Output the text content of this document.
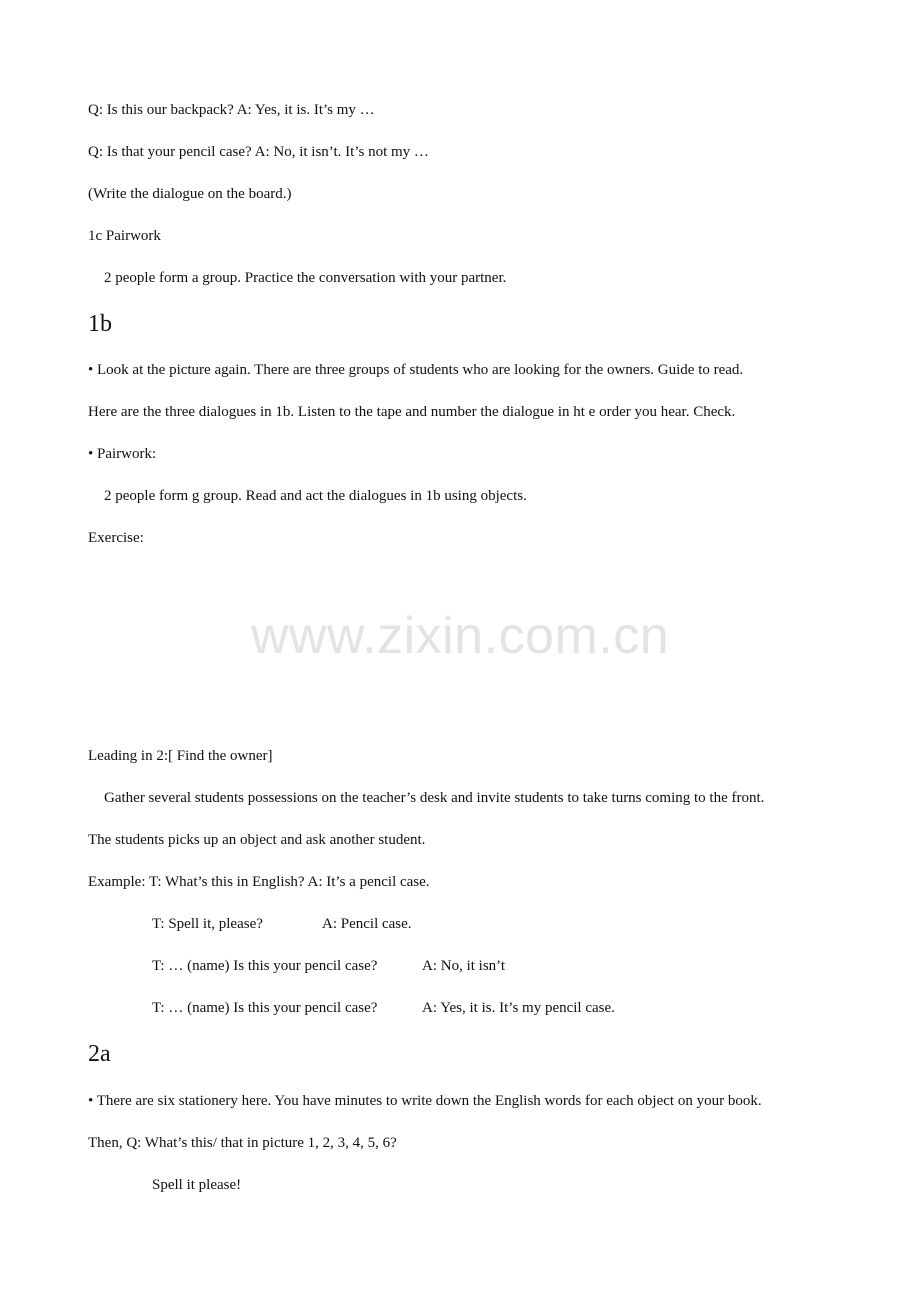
Q: Is this our backpack? A: Yes, it is. It’s my …
Q: Is that your pencil case? A: No, it isn’t. It’s not my …
(Write the dialogue on the board.)
1c Pairwork
2 people form a group. Practice the conversation with your partner.
1b
• Look at the picture again. There are three groups of students who are looking for the owners. Guide to read.
Here are the three dialogues in 1b. Listen to the tape and number the dialogue in ht e order you hear. Check.
• Pairwork:
2 people form g group. Read and act the dialogues in 1b using objects.
Exercise:
www.zixin.com.cn
Leading in 2:[ Find the owner]
Gather several students possessions on the teacher’s desk and invite students to take turns coming to the front.
The students picks up an object and ask another student.
Example: T: What’s this in English? A: It’s a pencil case.
T: Spell it, please?	A: Pencil case.
T: … (name) Is this your pencil case?	A: No, it isn’t
T: … (name) Is this your pencil case?	A: Yes, it is. It’s my pencil case.
2a
• There are six stationery here. You have minutes to write down the English words for each object on your book.
Then, Q: What’s this/ that in picture 1, 2, 3, 4, 5, 6?
Spell it please!
